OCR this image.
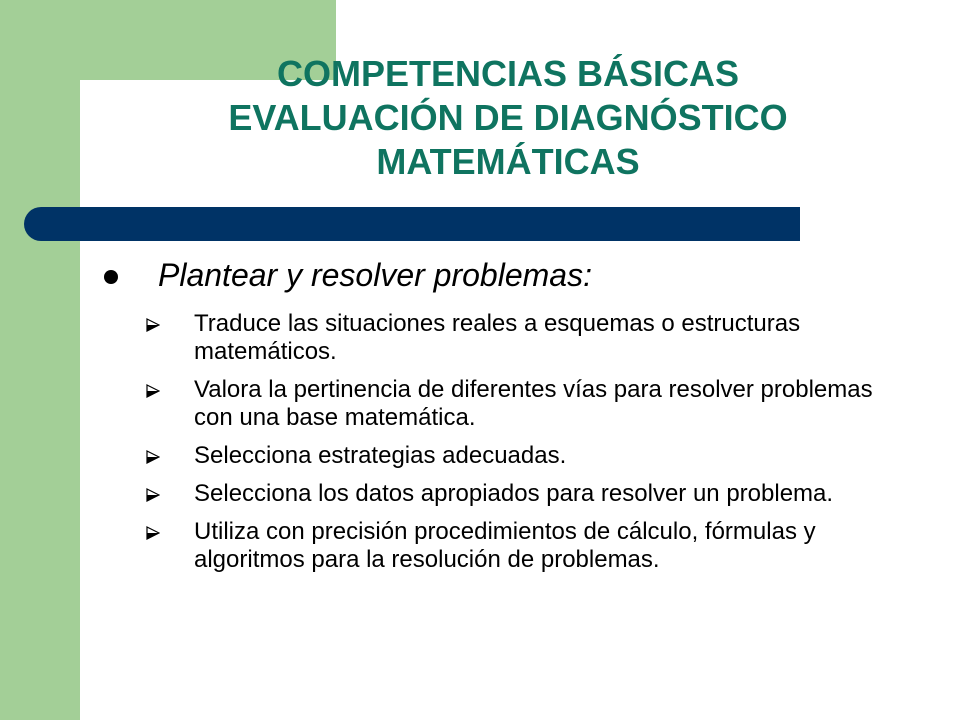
COMPETENCIAS BÁSICAS
EVALUACIÓN DE DIAGNÓSTICO
MATEMÁTICAS
Plantear y resolver problemas:
Traduce las situaciones reales a esquemas o estructuras matemáticos.
Valora la pertinencia de diferentes vías para resolver problemas con una base matemática.
Selecciona estrategias adecuadas.
Selecciona los datos apropiados para resolver un problema.
Utiliza con precisión procedimientos de cálculo, fórmulas y algoritmos para la resolución de problemas.
